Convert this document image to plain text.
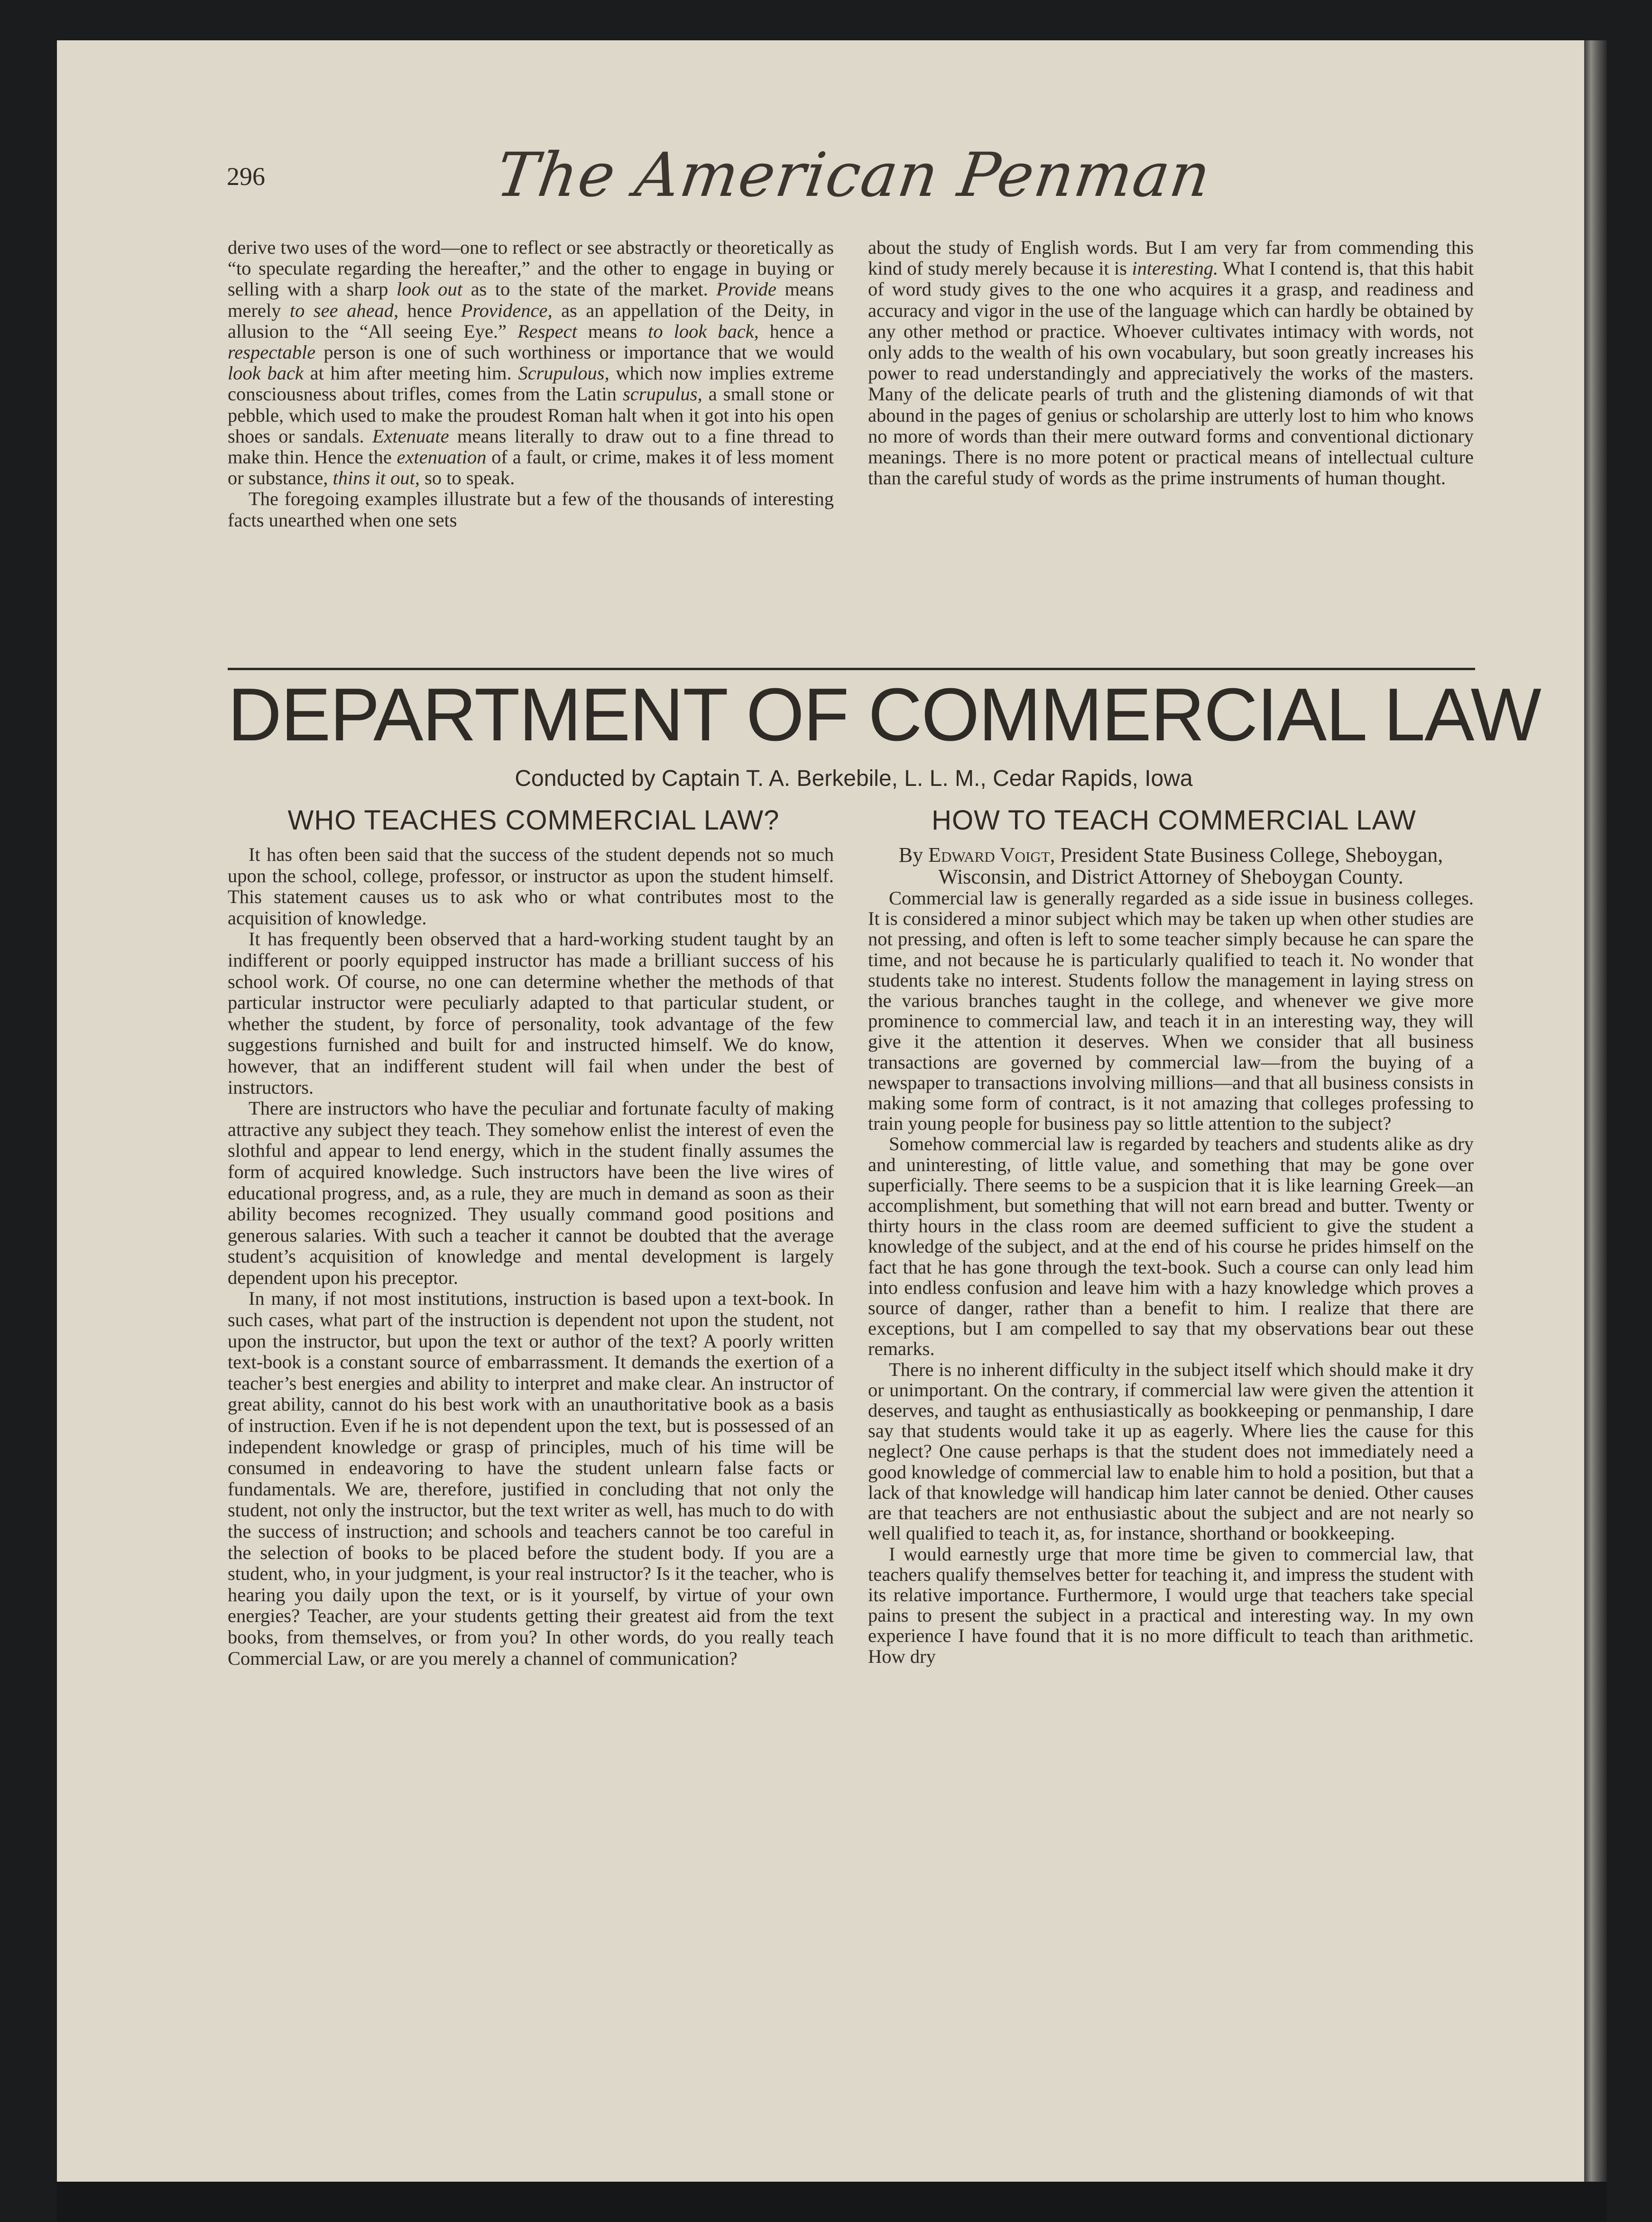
296	The American Penman

derive two uses of the word—one to reflect or see abstractly or theoretically as “to speculate regarding the hereafter,” and the other to engage in buying or selling with a sharp look out as to the state of the market. Provide means merely to see ahead, hence Providence, as an appellation of the Deity, in allusion to the “All seeing Eye.” Respect means to look back, hence a respectable person is one of such worthiness or importance that we would look back at him after meeting him. Scrupulous, which now implies extreme consciousness about trifles, comes from the Latin scrupulus, a small stone or pebble, which used to make the proudest Roman halt when it got into his open shoes or sandals. Extenuate means literally to draw out to a fine thread to make thin. Hence the extenuation of a fault, or crime, makes it of less moment or substance, thins it out, so to speak.

The foregoing examples illustrate but a few of the thousands of interesting facts unearthed when one sets

about the study of English words. But I am very far from commending this kind of study merely because it is interesting. What I contend is, that this habit of word study gives to the one who acquires it a grasp, and readiness and accuracy and vigor in the use of the language which can hardly be obtained by any other method or practice. Whoever cultivates intimacy with words, not only adds to the wealth of his own vocabulary, but soon greatly increases his power to read understandingly and appreciatively the works of the masters. Many of the delicate pearls of truth and the glistening diamonds of wit that abound in the pages of genius or scholarship are utterly lost to him who knows no more of words than their mere outward forms and conventional dictionary meanings. There is no more potent or practical means of intellectual culture than the careful study of words as the prime instruments of human thought.

DEPARTMENT OF COMMERCIAL LAW
Conducted by Captain T. A. Berkebile, L. L. M., Cedar Rapids, Iowa
WHO TEACHES COMMERCIAL LAW?	HOW TO TEACH COMMERCIAL LAW

It has often been said that the success of the student depends not so much upon the school, college, professor, or instructor as upon the student himself. This statement causes us to ask who or what contributes most to the acquisition of knowledge.

It has frequently been observed that a hard-working student taught by an indifferent or poorly equipped instructor has made a brilliant success of his school work. Of course, no one can determine whether the methods of that particular instructor were peculiarly adapted to that particular student, or whether the student, by force of personality, took advantage of the few suggestions furnished and built for and instructed himself. We do know, however, that an indifferent student will fail when under the best of instructors.

There are instructors who have the peculiar and fortunate faculty of making attractive any subject they teach. They somehow enlist the interest of even the slothful and appear to lend energy, which in the student finally assumes the form of acquired knowledge. Such instructors have been the live wires of educational progress, and, as a rule, they are much in demand as soon as their ability becomes recognized. They usually command good positions and generous salaries. With such a teacher it cannot be doubted that the average student’s acquisition of knowledge and mental development is largely dependent upon his preceptor.

In many, if not most institutions, instruction is based upon a text-book. In such cases, what part of the instruction is dependent not upon the student, not upon the instructor, but upon the text or author of the text? A poorly written text-book is a constant source of embarrassment. It demands the exertion of a teacher’s best energies and ability to interpret and make clear. An instructor of great ability, cannot do his best work with an unauthoritative book as a basis of instruction. Even if he is not dependent upon the text, but is possessed of an independent knowledge or grasp of principles, much of his time will be consumed in endeavoring to have the student unlearn false facts or fundamentals. We are, therefore, justified in concluding that not only the student, not only the instructor, but the text writer as well, has much to do with the success of instruction; and schools and teachers cannot be too careful in the selection of books to be placed before the student body. If you are a student, who, in your judgment, is your real instructor? Is it the teacher, who is hearing you daily upon the text, or is it yourself, by virtue of your own energies? Teacher, are your students getting their greatest aid from the text books, from themselves, or from you? In other words, do you really teach Commercial Law, or are you merely a channel of communication?

By Edward Voigt, President State Business College, Sheboygan, Wisconsin, and District Attorney of Sheboygan County.

Commercial law is generally regarded as a side issue in business colleges. It is considered a minor subject which may be taken up when other studies are not pressing, and often is left to some teacher simply because he can spare the time, and not because he is particularly qualified to teach it. No wonder that students take no interest. Students follow the management in laying stress on the various branches taught in the college, and whenever we give more prominence to commercial law, and teach it in an interesting way, they will give it the attention it deserves. When we consider that all business transactions are governed by commercial law—from the buying of a newspaper to transactions involving millions—and that all business consists in making some form of contract, is it not amazing that colleges professing to train young people for business pay so little attention to the subject?

Somehow commercial law is regarded by teachers and students alike as dry and uninteresting, of little value, and something that may be gone over superficially. There seems to be a suspicion that it is like learning Greek—an accomplishment, but something that will not earn bread and butter. Twenty or thirty hours in the class room are deemed sufficient to give the student a knowledge of the subject, and at the end of his course he prides himself on the fact that he has gone through the text-book. Such a course can only lead him into endless confusion and leave him with a hazy knowledge which proves a source of danger, rather than a benefit to him. I realize that there are exceptions, but I am compelled to say that my observations bear out these remarks.

There is no inherent difficulty in the subject itself which should make it dry or unimportant. On the contrary, if commercial law were given the attention it deserves, and taught as enthusiastically as bookkeeping or penmanship, I dare say that students would take it up as eagerly. Where lies the cause for this neglect? One cause perhaps is that the student does not immediately need a good knowledge of commercial law to enable him to hold a position, but that a lack of that knowledge will handicap him later cannot be denied. Other causes are that teachers are not enthusiastic about the subject and are not nearly so well qualified to teach it, as, for instance, shorthand or bookkeeping.

I would earnestly urge that more time be given to commercial law, that teachers qualify themselves better for teaching it, and impress the student with its relative importance. Furthermore, I would urge that teachers take special pains to present the subject in a practical and interesting way. In my own experience I have found that it is no more difficult to teach than arithmetic. How dry
